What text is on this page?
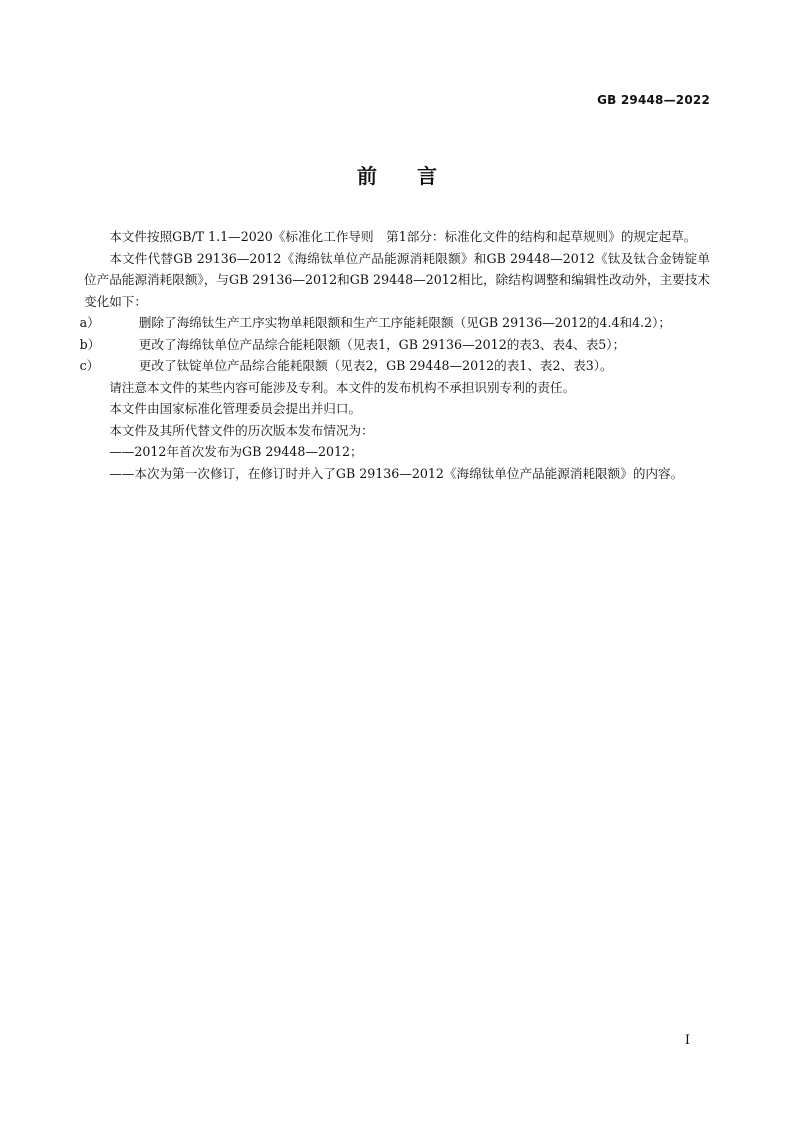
GB 29448—2022
前言

本文件按照GB/T 1.1—2020《标准化工作导则　第1部分：标准化文件的结构和起草规则》的规定起草。

本文件代替GB 29136—2012《海绵钛单位产品能源消耗限额》和GB 29448—2012《钛及钛合金铸锭单位产品能源消耗限额》，与GB 29136—2012和GB 29448—2012相比，除结构调整和编辑性改动外，主要技术变化如下：

a）	删除了海绵钛生产工序实物单耗限额和生产工序能耗限额（见GB 29136—2012的4.4和4.2）；

b）	更改了海绵钛单位产品综合能耗限额（见表1，GB 29136—2012的表3、表4、表5）；

c）	更改了钛锭单位产品综合能耗限额（见表2，GB 29448—2012的表1、表2、表3）。

请注意本文件的某些内容可能涉及专利。本文件的发布机构不承担识别专利的责任。

本文件由国家标准化管理委员会提出并归口。

本文件及其所代替文件的历次版本发布情况为：

——2012年首次发布为GB 29448—2012；

——本次为第一次修订，在修订时并入了GB 29136—2012《海绵钛单位产品能源消耗限额》的内容。

I
